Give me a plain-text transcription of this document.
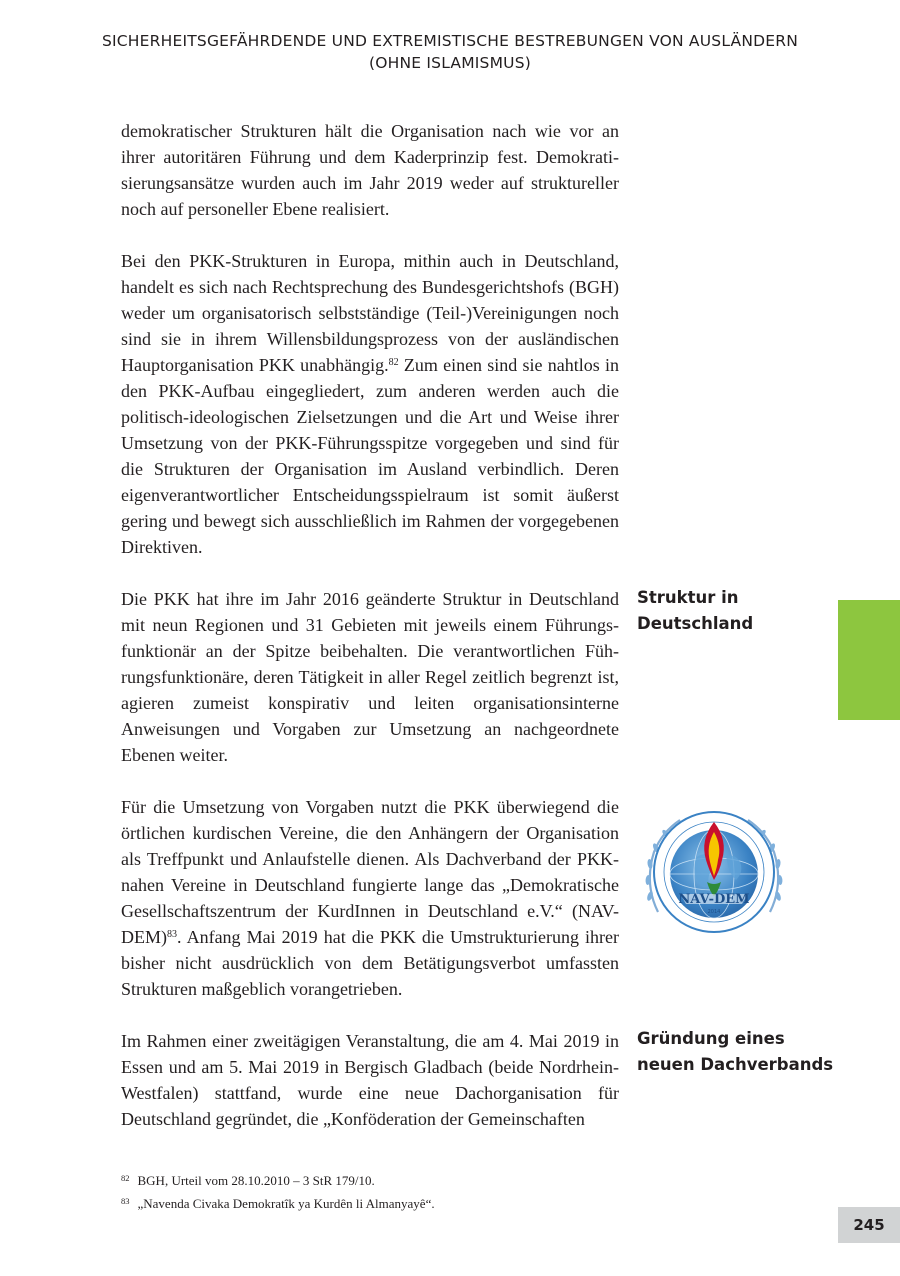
SICHERHEITSGEFÄHRDENDE UND EXTREMISTISCHE BESTREBUNGEN VON AUSLÄNDERN
(OHNE ISLAMISMUS)

demokratischer Strukturen hält die Organisation nach wie vor an ihrer autoritären Führung und dem Kaderprinzip fest. Demokratisierungsansätze wurden auch im Jahr 2019 weder auf struktureller noch auf personeller Ebene realisiert.

Bei den PKK-Strukturen in Europa, mithin auch in Deutschland, handelt es sich nach Rechtsprechung des Bundesgerichtshofs (BGH) weder um organisatorisch selbstständige (Teil-)Vereinigungen noch sind sie in ihrem Willensbildungsprozess von der ausländischen Hauptorganisation PKK unabhängig.$^{82}$ Zum einen sind sie nahtlos in den PKK-Aufbau eingegliedert, zum anderen werden auch die politisch-ideologischen Zielsetzungen und die Art und Weise ihrer Umsetzung von der PKK-Führungsspitze vorgegeben und sind für die Strukturen der Organisation im Ausland verbindlich. Deren eigenverantwortlicher Entscheidungsspielraum ist somit äußerst gering und bewegt sich ausschließlich im Rahmen der vorgegebenen Direktiven.

Die PKK hat ihre im Jahr 2016 geänderte Struktur in Deutschland mit neun Regionen und 31 Gebieten mit jeweils einem Führungsfunktionär an der Spitze beibehalten. Die verantwortlichen Führungsfunktionäre, deren Tätigkeit in aller Regel zeitlich begrenzt ist, agieren zumeist konspirativ und leiten organisationsinterne Anweisungen und Vorgaben zur Umsetzung an nachgeordnete Ebenen weiter.

Für die Umsetzung von Vorgaben nutzt die PKK überwiegend die örtlichen kurdischen Vereine, die den Anhängern der Organisation als Treffpunkt und Anlaufstelle dienen. Als Dachverband der PKK-nahen Vereine in Deutschland fungierte lange das „Demokratische Gesellschaftszentrum der KurdInnen in Deutschland e.V.“ (NAV-DEM)$^{83}$. Anfang Mai 2019 hat die PKK die Umstrukturierung ihrer bisher nicht ausdrücklich von dem Betätigungsverbot umfassten Strukturen maßgeblich vorangetrieben.

Im Rahmen einer zweitägigen Veranstaltung, die am 4. Mai 2019 in Essen und am 5. Mai 2019 in Bergisch Gladbach (beide Nordrhein-Westfalen) stattfand, wurde eine neue Dachorganisation für Deutschland gegründet, die „Konföderation der Gemeinschaften

Struktur in
Deutschland
Gründung eines
neuen Dachverbands
NAV-DEM
2014
$^{82}$ BGH, Urteil vom 28.10.2010 – 3 StR 179/10.
$^{83}$ „Navenda Civaka Demokratîk ya Kurdên li Almanyayê“.
245
